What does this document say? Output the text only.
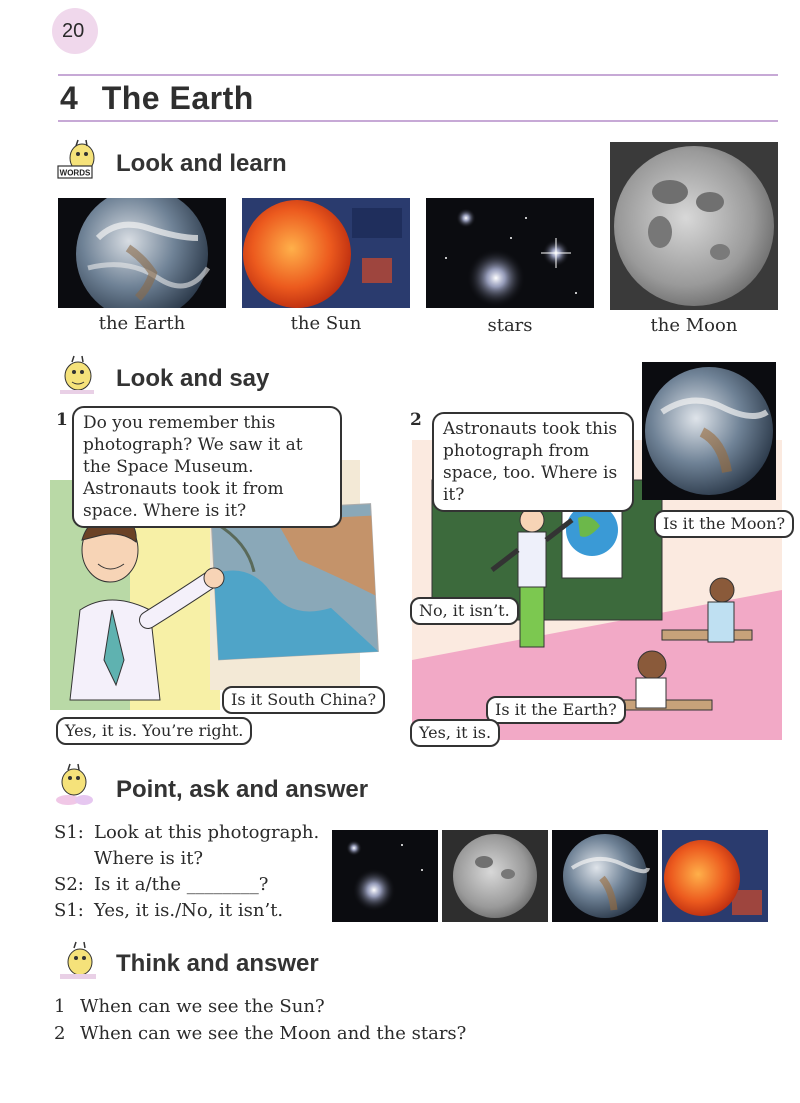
20
4 The Earth
WORDS Look and learn
the Earth	the Sun	stars	the Moon
Look and say
1 Do you remember this photograph? We saw it at the Space Museum. Astronauts took it from space. Where is it?
Is it South China?
Yes, it is. You’re right.
2	Astronauts took this photograph from space, too. Where is it?
Is it the Moon?
No, it isn’t.
Is it the Earth?
Yes, it is.
Point, ask and answer
S1: Look at this photograph.
Where is it?
S2: Is it a/the ________?
S1: Yes, it is./No, it isn’t.
Think and answer
1 When can we see the Sun?
2 When can we see the Moon and the stars?
